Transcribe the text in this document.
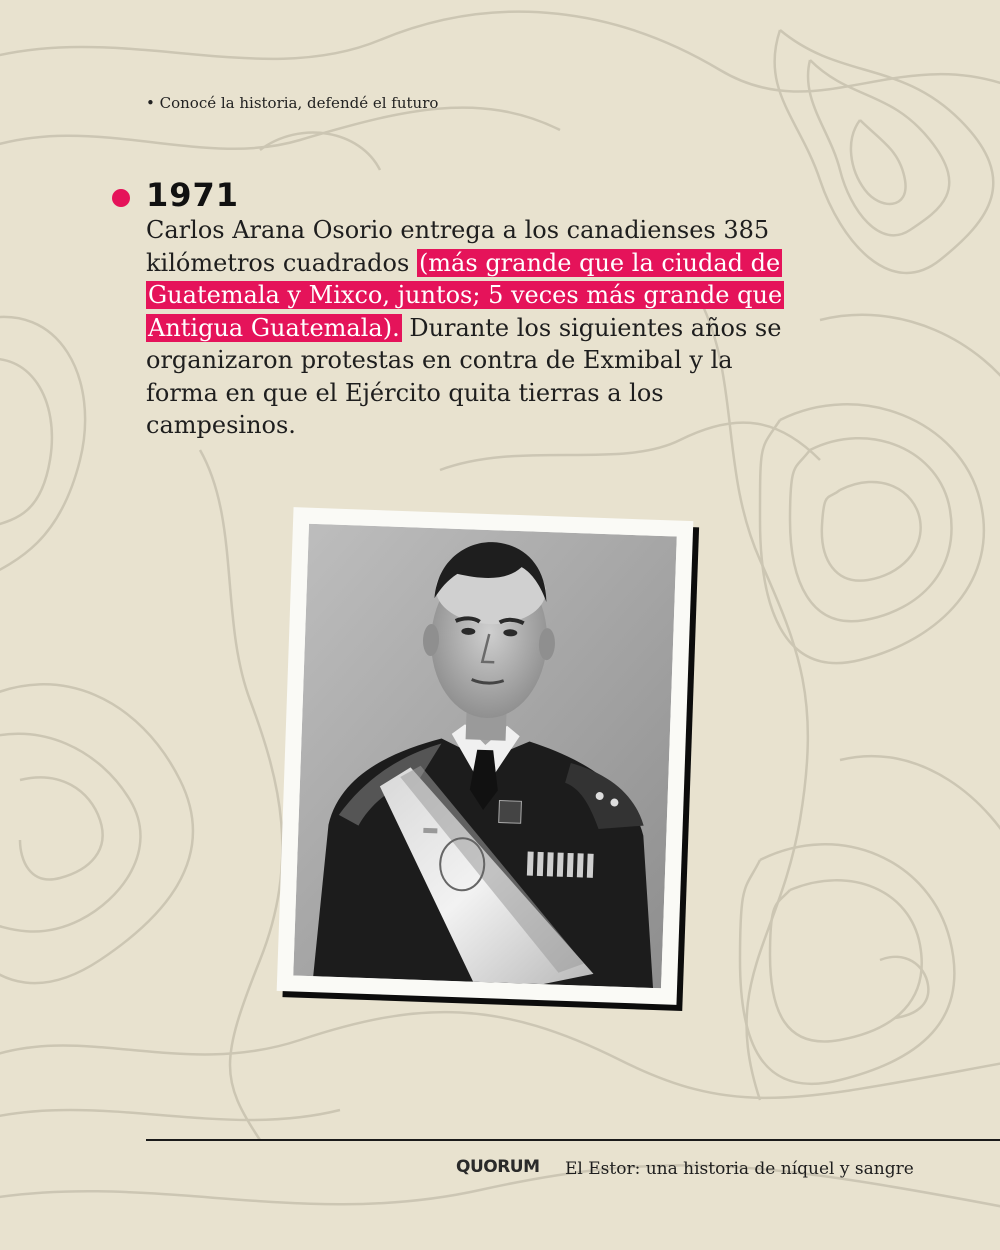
• Conocé la historia, defendé el futuro
1971
Carlos Arana Osorio entrega a los canadienses 385 kilómetros cuadrados (más grande que la ciudad de Guatemala y Mixco, juntos; 5 veces más grande que Antigua Guatemala). Durante los siguientes años se organizaron protestas en contra de Exmibal y la forma en que el Ejército quita tierras a los campesinos.
QUORUM El Estor: una historia de níquel y sangre
